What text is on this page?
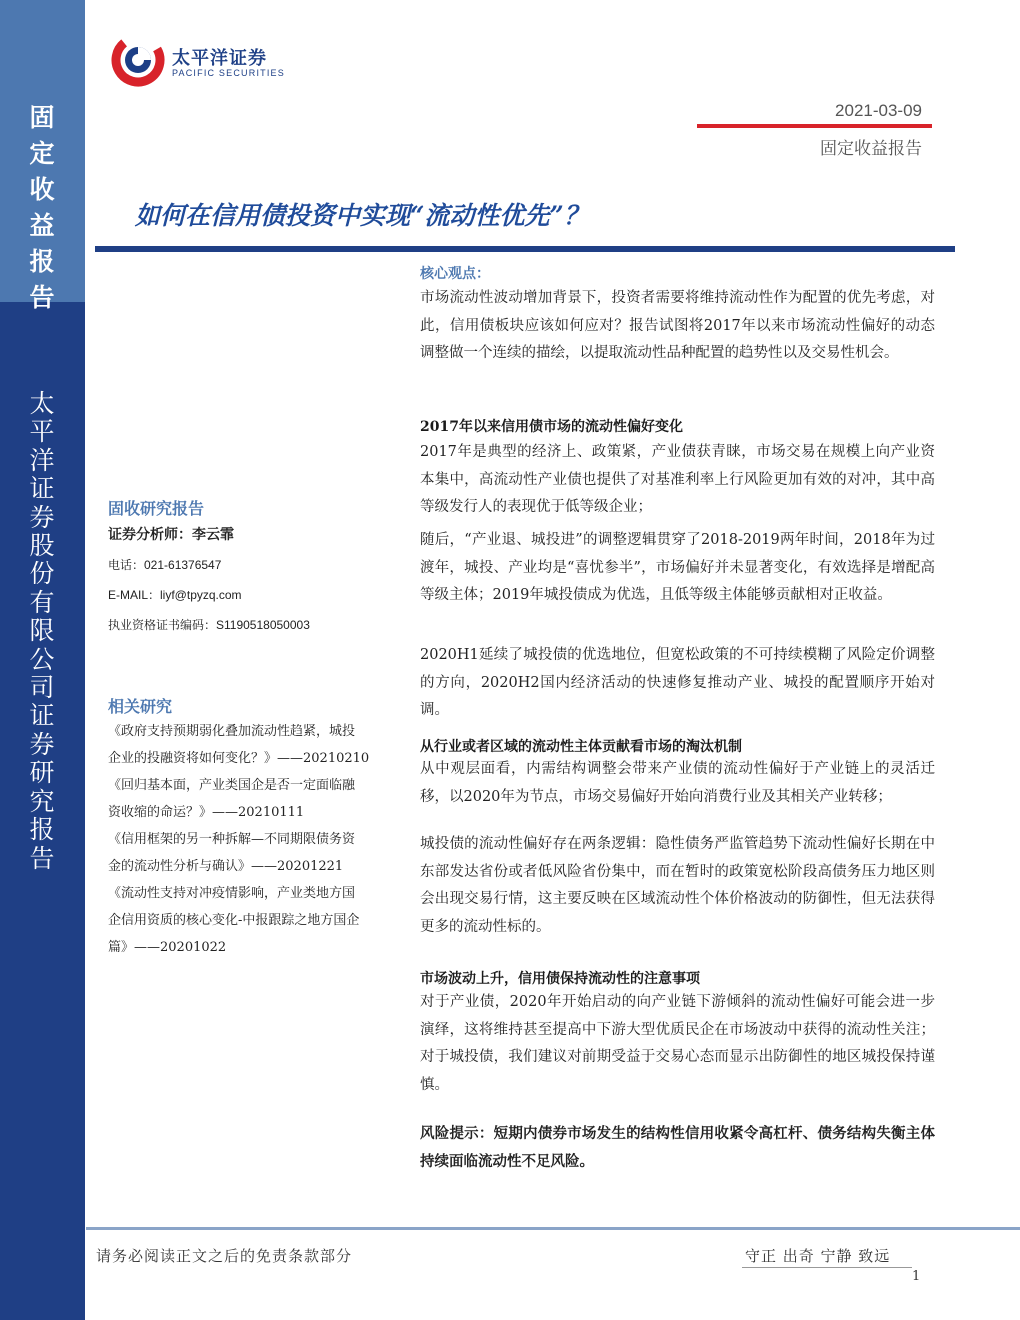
固定收益报告
太平洋证券股份有限公司证券研究报告
太平洋证券
PACIFIC SECURITIES
2021-03-09
固定收益报告
如何在信用债投资中实现“流动性优先”？
固收研究报告
证券分析师：李云霏
电话：021-61376547
E-MAIL：liyf@tpyzq.com
执业资格证书编码：S1190518050003
相关研究
《政府支持预期弱化叠加流动性趋紧，城投
企业的投融资将如何变化？》——20210210
《回归基本面，产业类国企是否一定面临融
资收缩的命运？》——20210111
《信用框架的另一种拆解—不同期限债务资
金的流动性分析与确认》——20201221
《流动性支持对冲疫情影响，产业类地方国
企信用资质的核心变化-中报跟踪之地方国企
篇》——20201022
核心观点：
市场流动性波动增加背景下，投资者需要将维持流动性作为配置的优先考虑，对此，信用债板块应该如何应对？报告试图将2017年以来市场流动性偏好的动态调整做一个连续的描绘，以提取流动性品种配置的趋势性以及交易性机会。
2017年以来信用债市场的流动性偏好变化
2017年是典型的经济上、政策紧，产业债获青睐，市场交易在规模上向产业资本集中，高流动性产业债也提供了对基准利率上行风险更加有效的对冲，其中高等级发行人的表现优于低等级企业；
随后，“产业退、城投进”的调整逻辑贯穿了2018-2019两年时间，2018年为过渡年，城投、产业均是“喜忧参半”，市场偏好并未显著变化，有效选择是增配高等级主体；2019年城投债成为优选，且低等级主体能够贡献相对正收益。
2020H1延续了城投债的优选地位，但宽松政策的不可持续模糊了风险定价调整的方向，2020H2国内经济活动的快速修复推动产业、城投的配置顺序开始对调。
从行业或者区域的流动性主体贡献看市场的淘汰机制
从中观层面看，内需结构调整会带来产业债的流动性偏好于产业链上的灵活迁移，以2020年为节点，市场交易偏好开始向消费行业及其相关产业转移；
城投债的流动性偏好存在两条逻辑：隐性债务严监管趋势下流动性偏好长期在中东部发达省份或者低风险省份集中，而在暂时的政策宽松阶段高债务压力地区则会出现交易行情，这主要反映在区域流动性个体价格波动的防御性，但无法获得更多的流动性标的。
市场波动上升，信用债保持流动性的注意事项
对于产业债，2020年开始启动的向产业链下游倾斜的流动性偏好可能会进一步演绎，这将维持甚至提高中下游大型优质民企在市场波动中获得的流动性关注；对于城投债，我们建议对前期受益于交易心态而显示出防御性的地区城投保持谨慎。
风险提示：短期内债券市场发生的结构性信用收紧令高杠杆、债务结构失衡主体持续面临流动性不足风险。
请务必阅读正文之后的免责条款部分	守正 出奇 宁静 致远
1
